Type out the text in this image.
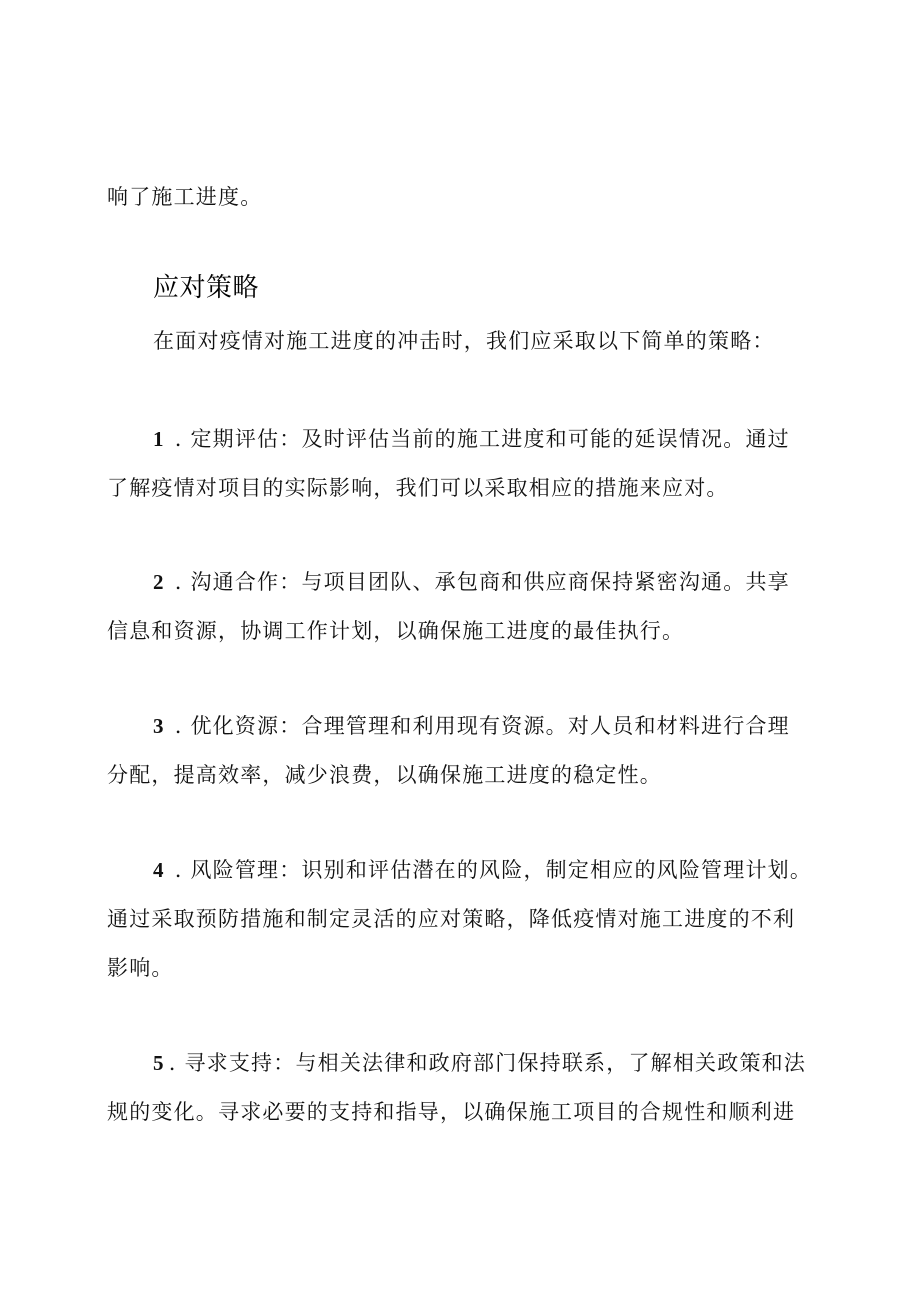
响了施工进度。
应对策略
在面对疫情对施工进度的冲击时，我们应采取以下简单的策略：
1 . 定期评估：及时评估当前的施工进度和可能的延误情况。通过
了解疫情对项目的实际影响，我们可以采取相应的措施来应对。
2 . 沟通合作：与项目团队、承包商和供应商保持紧密沟通。共享
信息和资源，协调工作计划，以确保施工进度的最佳执行。
3 . 优化资源：合理管理和利用现有资源。对人员和材料进行合理
分配，提高效率，减少浪费，以确保施工进度的稳定性。
4 . 风险管理：识别和评估潜在的风险，制定相应的风险管理计划。
通过采取预防措施和制定灵活的应对策略，降低疫情对施工进度的不利
影响。
5 . 寻求支持：与相关法律和政府部门保持联系，了解相关政策和法
规的变化。寻求必要的支持和指导，以确保施工项目的合规性和顺利进
